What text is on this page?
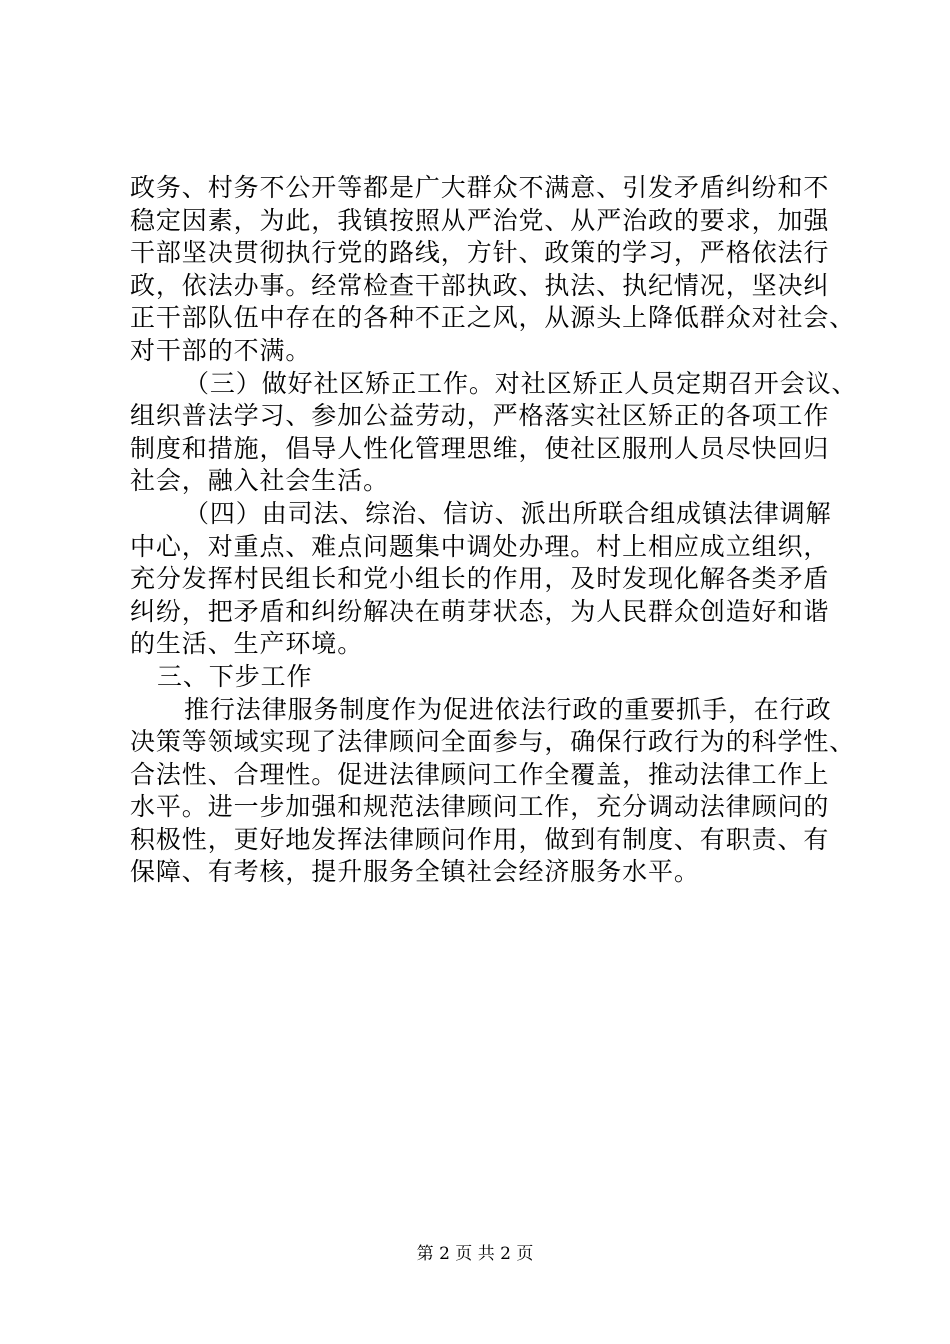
政务、村务不公开等都是广大群众不满意、引发矛盾纠纷和不
稳定因素，为此，我镇按照从严治党、从严治政的要求，加强
干部坚决贯彻执行党的路线，方针、政策的学习，严格依法行
政，依法办事。经常检查干部执政、执法、执纪情况，坚决纠
正干部队伍中存在的各种不正之风，从源头上降低群众对社会、
对干部的不满。
（三）做好社区矫正工作。对社区矫正人员定期召开会议、
组织普法学习、参加公益劳动，严格落实社区矫正的各项工作
制度和措施，倡导人性化管理思维，使社区服刑人员尽快回归
社会，融入社会生活。
（四）由司法、综治、信访、派出所联合组成镇法律调解
中心，对重点、难点问题集中调处办理。村上相应成立组织，
充分发挥村民组长和党小组长的作用，及时发现化解各类矛盾
纠纷，把矛盾和纠纷解决在萌芽状态，为人民群众创造好和谐
的生活、生产环境。
三、下步工作
推行法律服务制度作为促进依法行政的重要抓手，在行政
决策等领域实现了法律顾问全面参与，确保行政行为的科学性、
合法性、合理性。促进法律顾问工作全覆盖，推动法律工作上
水平。进一步加强和规范法律顾问工作，充分调动法律顾问的
积极性，更好地发挥法律顾问作用，做到有制度、有职责、有
保障、有考核，提升服务全镇社会经济服务水平。
第 2 页 共 2 页
